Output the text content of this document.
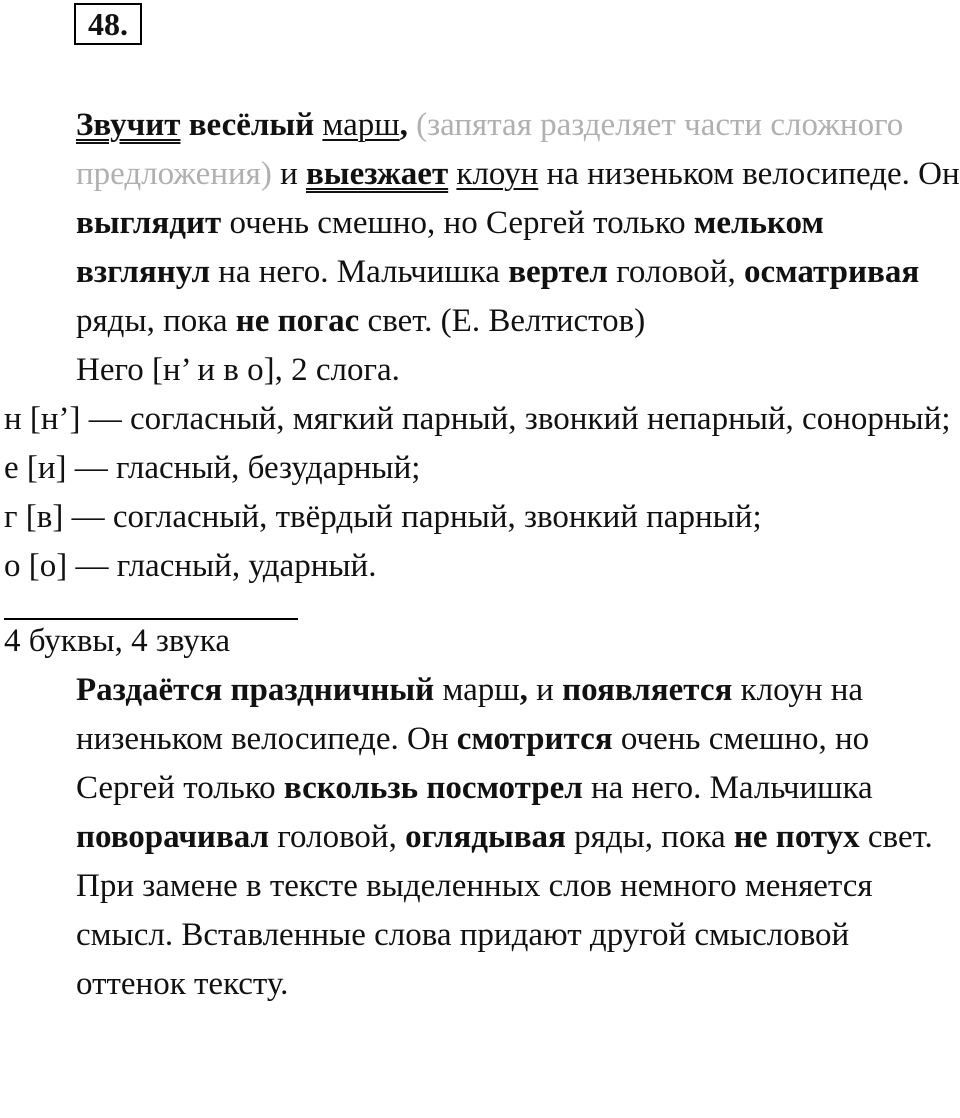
48.

Звучит весёлый марш, (запятая разделяет части сложного предложения) и выезжает клоун на низеньком велосипеде. Он выглядит очень смешно, но Сергей только мельком взглянул на него. Мальчишка вертел головой, осматривая ряды, пока не погас свет. (Е. Велтистов)

Него [н’ и в о], 2 слога.

н [н’] — согласный, мягкий парный, звонкий непарный, сонорный;

е [и] — гласный, безударный;

г [в] — согласный, твёрдый парный, звонкий парный;

о [о] — гласный, ударный.

4 буквы, 4 звука

Раздаётся праздничный марш, и появляется клоун на низеньком велосипеде. Он смотрится очень смешно, но Сергей только вскользь посмотрел на него. Мальчишка поворачивал головой, оглядывая ряды, пока не потух свет.

При замене в тексте выделенных слов немного меняется смысл. Вставленные слова придают другой смысловой оттенок тексту.
